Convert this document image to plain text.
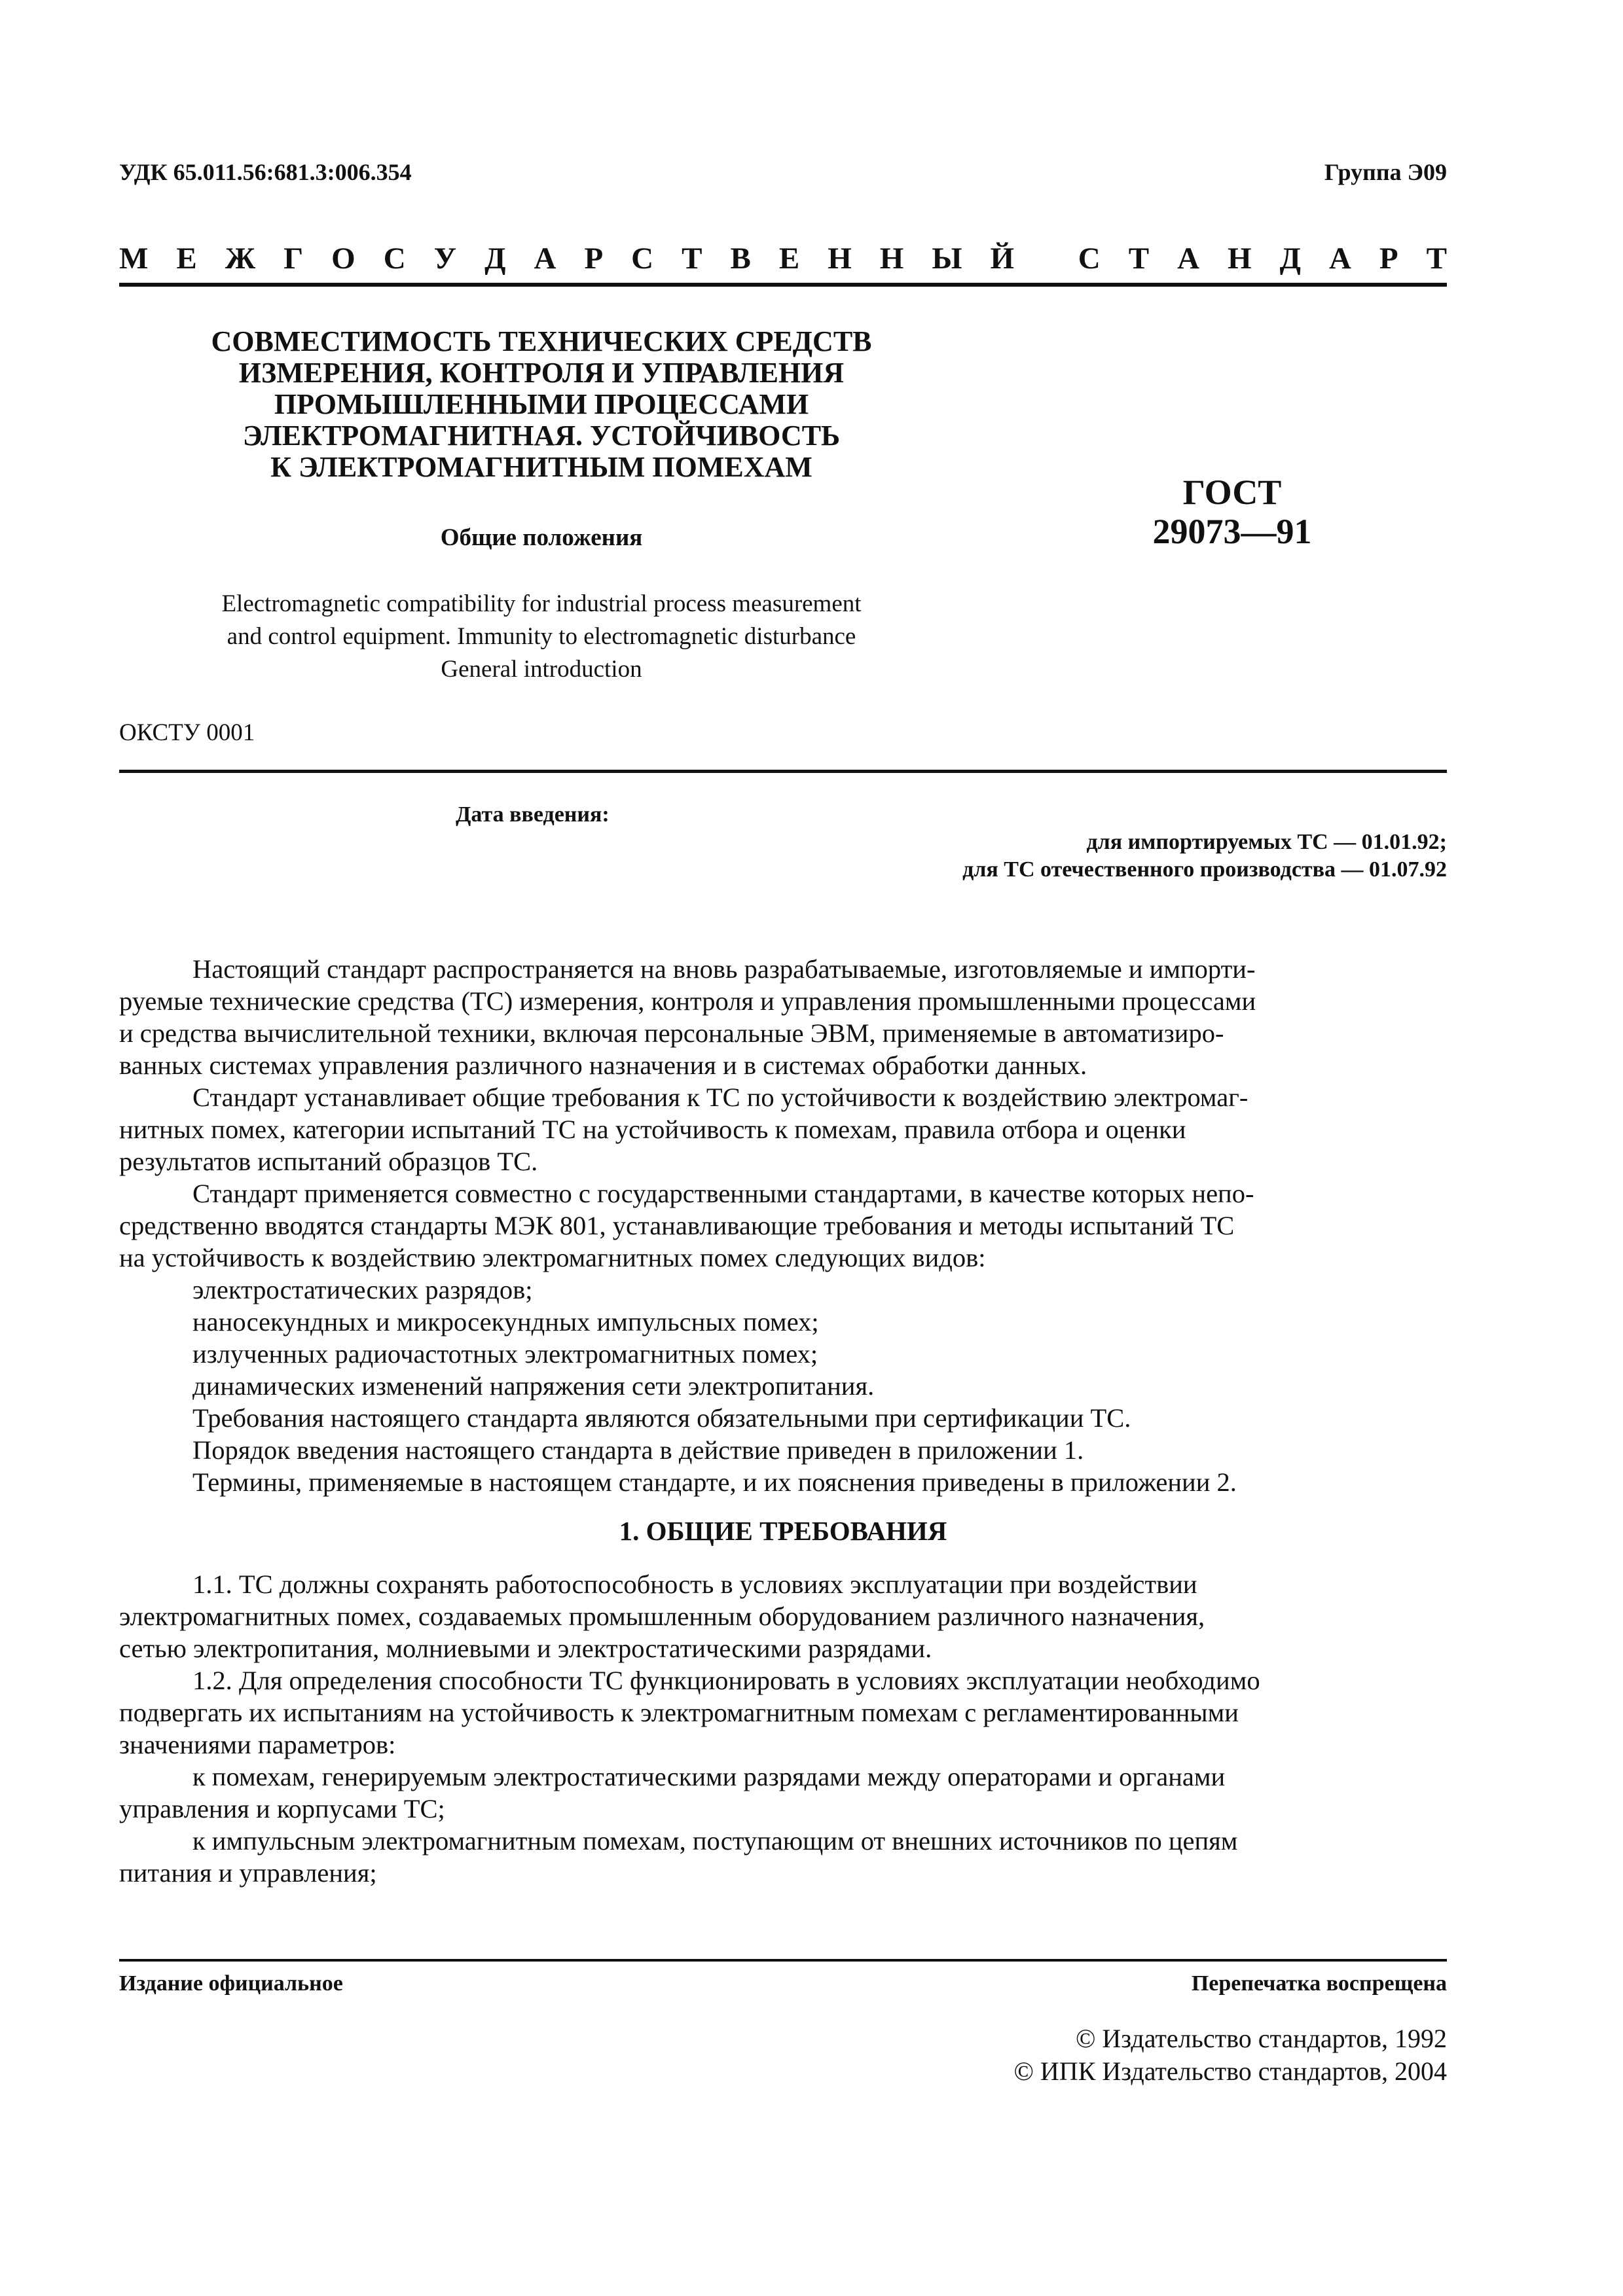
УДК 65.011.56:681.3:006.354	Группа Э09
М Е Ж Г О С У Д А Р С Т В Е Н Н Ы Й
С Т А Н Д А Р Т
СОВМЕСТИМОСТЬ ТЕХНИЧЕСКИХ СРЕДСТВ
ИЗМЕРЕНИЯ, КОНТРОЛЯ И УПРАВЛЕНИЯ
ПРОМЫШЛЕННЫМИ ПРОЦЕССАМИ
ЭЛЕКТРОМАГНИТНАЯ. УСТОЙЧИВОСТЬ
К ЭЛЕКТРОМАГНИТНЫМ ПОМЕХАМ
ГОСТ
29073—91
Общие положения
Electromagnetic compatibility for industrial process measurement
and control equipment. Immunity to electromagnetic disturbance
General introduction
ОКСТУ 0001
Дата введения:
для импортируемых ТС — 01.01.92;
для ТС отечественного производства — 01.07.92

Настоящий стандарт распространяется на вновь разрабатываемые, изготовляемые и импорти-

руемые технические средства (ТС) измерения, контроля и управления промышленными процессами

и средства вычислительной техники, включая персональные ЭВМ, применяемые в автоматизиро-

ванных системах управления различного назначения и в системах обработки данных.

Стандарт устанавливает общие требования к ТС по устойчивости к воздействию электромаг-

нитных помех, категории испытаний ТС на устойчивость к помехам, правила отбора и оценки

результатов испытаний образцов ТС.

Стандарт применяется совместно с государственными стандартами, в качестве которых непо-

средственно вводятся стандарты МЭК 801, устанавливающие требования и методы испытаний ТС

на устойчивость к воздействию электромагнитных помех следующих видов:

электростатических разрядов;

наносекундных и микросекундных импульсных помех;

излученных радиочастотных электромагнитных помех;

динамических изменений напряжения сети электропитания.

Требования настоящего стандарта являются обязательными при сертификации ТС.

Порядок введения настоящего стандарта в действие приведен в приложении 1.

Термины, применяемые в настоящем стандарте, и их пояснения приведены в приложении 2.

1. ОБЩИЕ ТРЕБОВАНИЯ

1.1. ТС должны сохранять работоспособность в условиях эксплуатации при воздействии

электромагнитных помех, создаваемых промышленным оборудованием различного назначения,

сетью электропитания, молниевыми и электростатическими разрядами.

1.2. Для определения способности ТС функционировать в условиях эксплуатации необходимо

подвергать их испытаниям на устойчивость к электромагнитным помехам с регламентированными

значениями параметров:

к помехам, генерируемым электростатическими разрядами между операторами и органами

управления и корпусами ТС;

к импульсным электромагнитным помехам, поступающим от внешних источников по цепям

питания и управления;

Издание официальное	Перепечатка воспрещена
© Издательство стандартов, 1992
© ИПК Издательство стандартов, 2004
